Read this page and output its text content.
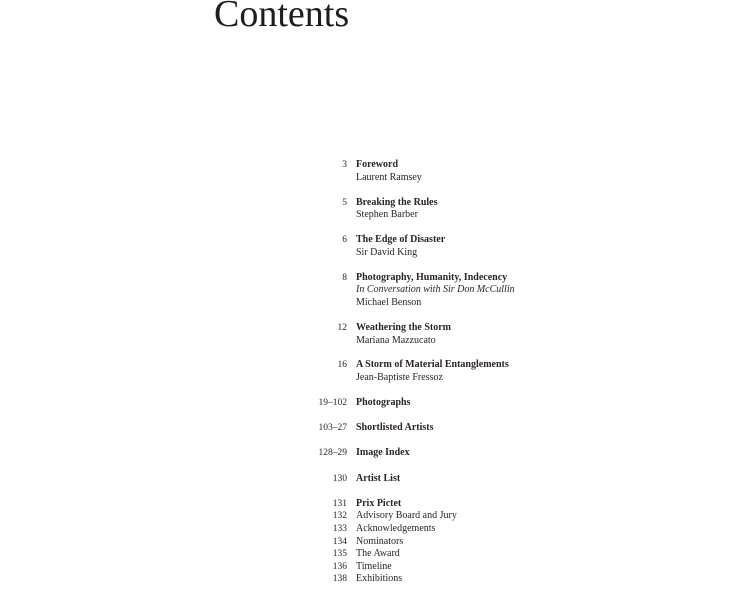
Contents
3 Foreword
Laurent Ramsey
5 Breaking the Rules
Stephen Barber
6 The Edge of Disaster
Sir David King
8 Photography, Humanity, Indecency
In Conversation with Sir Don McCullin
Michael Benson
12 Weathering the Storm
Mariana Mazzucato
16 A Storm of Material Entanglements
Jean-Baptiste Fressoz
19–102 Photographs
103–27 Shortlisted Artists
128–29 Image Index
130 Artist List
131 Prix Pictet
132 Advisory Board and Jury
133 Acknowledgements
134 Nominators
135 The Award
136 Timeline
138 Exhibitions
